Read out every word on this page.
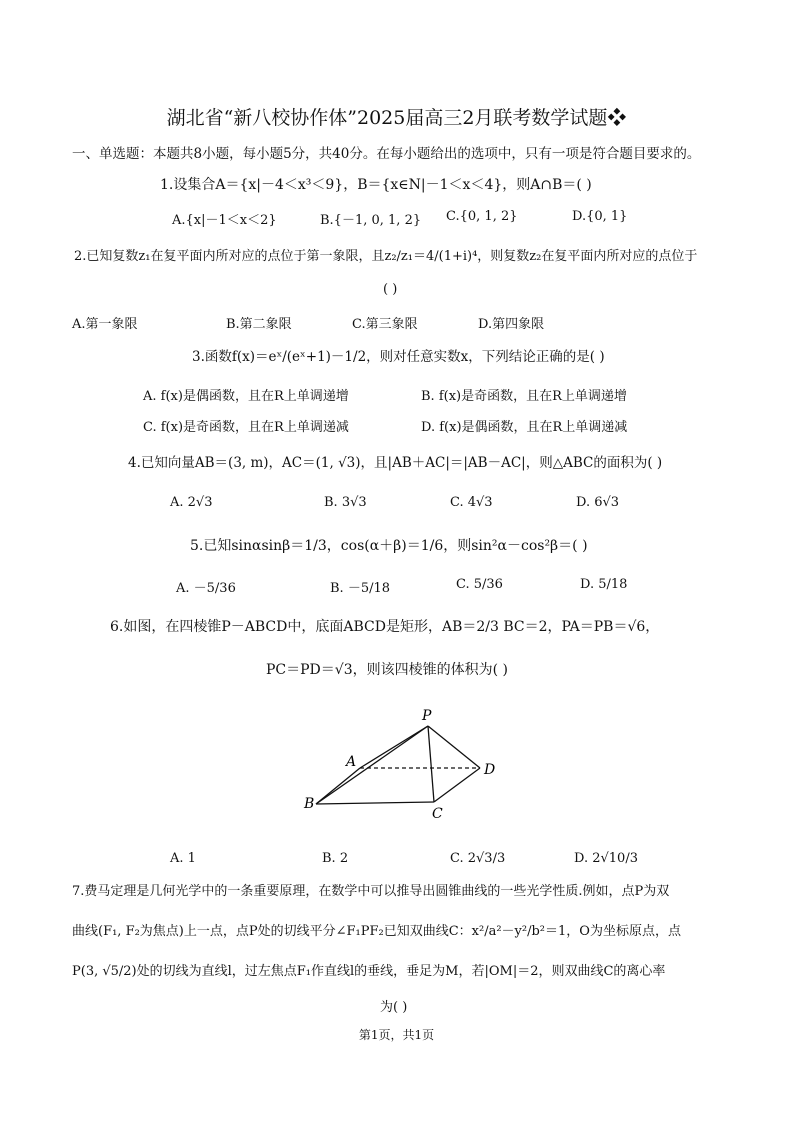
湖北省“新八校协作体”2025届高三2月联考数学试题❖
一、单选题：本题共8小题，每小题5分，共40分。在每小题给出的选项中，只有一项是符合题目要求的。
1.设集合A＝{x|－4＜x³＜9}，B＝{x∈N|－1＜x＜4}，则A∩B＝( )
A.{x|－1＜x＜2}	B.{－1, 0, 1, 2} C.{0, 1, 2}	D.{0, 1}
2.已知复数z₁在复平面内所对应的点位于第一象限，且z₂/z₁＝4/(1+i)⁴，则复数z₂在复平面内所对应的点位于
( )
A.第一象限	B.第二象限	C.第三象限	D.第四象限
3.函数f(x)＝eˣ/(eˣ+1)－1/2，则对任意实数x，下列结论正确的是( )
A. f(x)是偶函数，且在R上单调递增	B. f(x)是奇函数，且在R上单调递增
C. f(x)是奇函数，且在R上单调递减	D. f(x)是偶函数，且在R上单调递减
4.已知向量AB＝(3, m)，AC＝(1, √3)，且|AB＋AC|＝|AB－AC|，则△ABC的面积为( )
A. 2√3	B. 3√3	C. 4√3	D. 6√3
5.已知sinαsinβ＝1/3，cos(α＋β)＝1/6，则sin²α－cos²β＝( )
A. －5/36	B. －5/18	C. 5/36	D. 5/18
6.如图，在四棱锥P－ABCD中，底面ABCD是矩形，AB＝2/3 BC＝2，PA＝PB＝√6，
PC＝PD＝√3，则该四棱锥的体积为( )
P
A
B
C
D
A. 1	B. 2	C. 2√3/3	D. 2√10/3
7.费马定理是几何光学中的一条重要原理，在数学中可以推导出圆锥曲线的一些光学性质.例如，点P为双
曲线(F₁, F₂为焦点)上一点，点P处的切线平分∠F₁PF₂已知双曲线C：x²/a²－y²/b²＝1，O为坐标原点，点
P(3, √5/2)处的切线为直线l，过左焦点F₁作直线l的垂线，垂足为M，若|OM|＝2，则双曲线C的离心率
为( )
第1页，共1页
